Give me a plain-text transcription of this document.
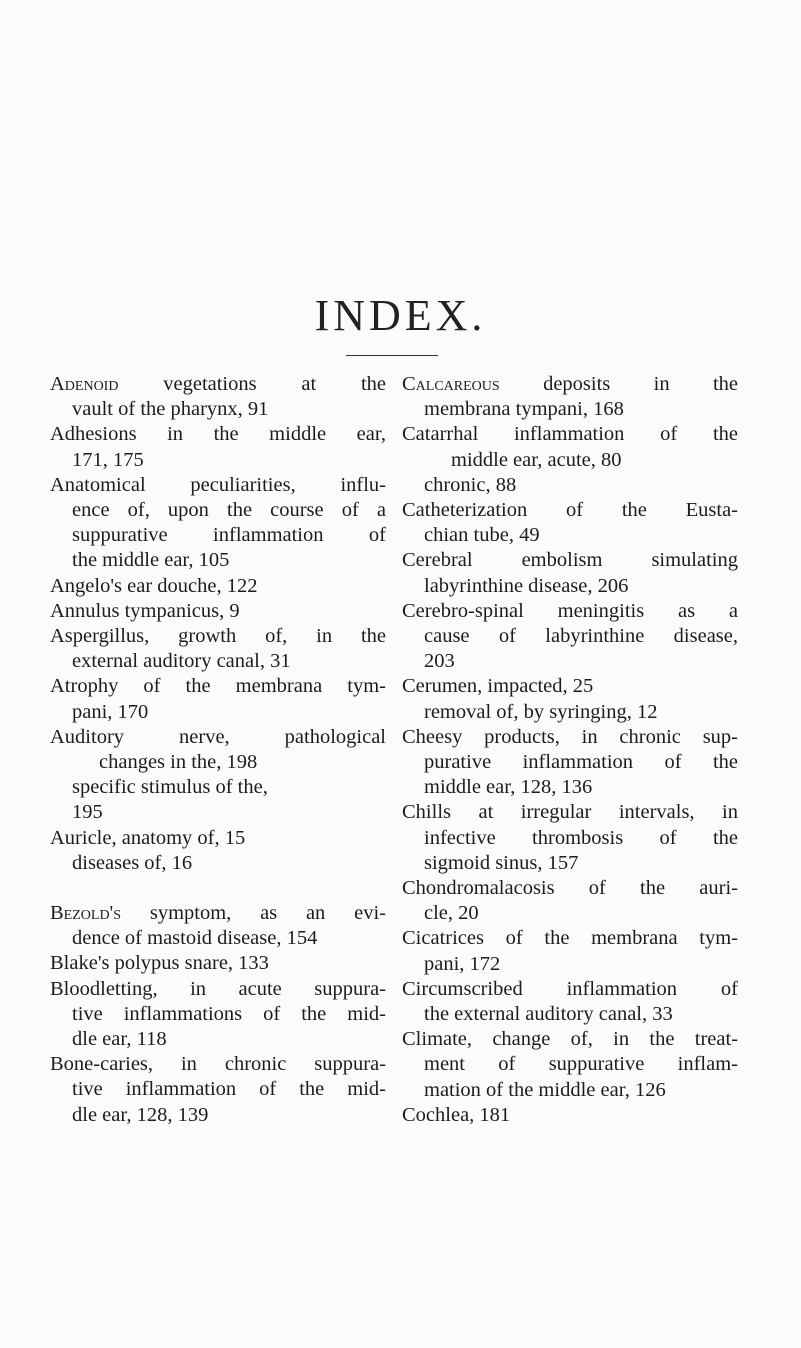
INDEX.
Adenoid vegetations at the
vault of the pharynx, 91
Adhesions in the middle ear,
171, 175
Anatomical peculiarities, influ-
ence of, upon the course of a
suppurative inflammation of
the middle ear, 105
Angelo's ear douche, 122
Annulus tympanicus, 9
Aspergillus, growth of, in the
external auditory canal, 31
Atrophy of the membrana tym-
pani, 170
Auditory nerve, pathological
changes in the, 198
specific stimulus of the,
195
Auricle, anatomy of, 15
diseases of, 16
Bezold's symptom, as an evi-
dence of mastoid disease, 154
Blake's polypus snare, 133
Bloodletting, in acute suppura-
tive inflammations of the mid-
dle ear, 118
Bone-caries, in chronic suppura-
tive inflammation of the mid-
dle ear, 128, 139
Calcareous deposits in the
membrana tympani, 168
Catarrhal inflammation of the
middle ear, acute, 80
chronic, 88
Catheterization of the Eusta-
chian tube, 49
Cerebral embolism simulating
labyrinthine disease, 206
Cerebro-spinal meningitis as a
cause of labyrinthine disease,
203
Cerumen, impacted, 25
removal of, by syringing, 12
Cheesy products, in chronic sup-
purative inflammation of the
middle ear, 128, 136
Chills at irregular intervals, in
infective thrombosis of the
sigmoid sinus, 157
Chondromalacosis of the auri-
cle, 20
Cicatrices of the membrana tym-
pani, 172
Circumscribed inflammation of
the external auditory canal, 33
Climate, change of, in the treat-
ment of suppurative inflam-
mation of the middle ear, 126
Cochlea, 181
